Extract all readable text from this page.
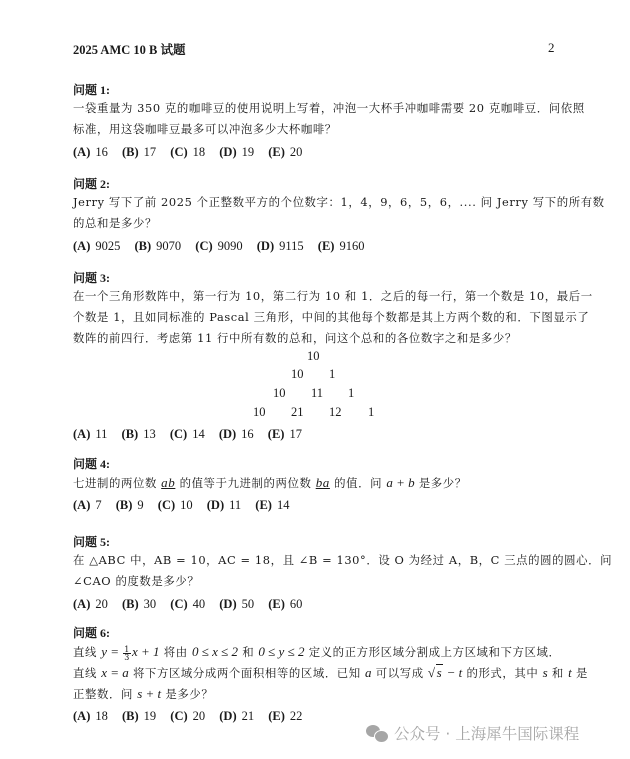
2025 AMC 10 B 试题	2
问题 1:
一袋重量为 350 克的咖啡豆的使用说明上写着，冲泡一大杯手冲咖啡需要 20 克咖啡豆．问依照
标准，用这袋咖啡豆最多可以冲泡多少大杯咖啡？
(A) 16 (B) 17 (C) 18 (D) 19 (E) 20
问题 2:
Jerry 写下了前 2025 个正整数平方的个位数字：1，4，9，6，5，6，.... 问 Jerry 写下的所有数
的总和是多少？
(A) 9025 (B) 9070 (C) 9090 (D) 9115 (E) 9160
问题 3:
在一个三角形数阵中，第一行为 10，第二行为 10 和 1．之后的每一行，第一个数是 10，最后一
个数是 1，且如同标准的 Pascal 三角形，中间的其他每个数都是其上方两个数的和．下图显示了
数阵的前四行．考虑第 11 行中所有数的总和，问这个总和的各位数字之和是多少？
10
10 1
10 11 1
10 21 12 1
(A) 11 (B) 13 (C) 14 (D) 16 (E) 17
问题 4:
七进制的两位数 ab 的值等于九进制的两位数 ba 的值．问 a + b 是多少？
(A) 7 (B) 9 (C) 10 (D) 11 (E) 14
问题 5:
在 △ABC 中，AB = 10，AC = 18，且 ∠B = 130°．设 O 为经过 A，B，C 三点的圆的圆心．问
∠CAO 的度数是多少？
(A) 20 (B) 30 (C) 40 (D) 50 (E) 60
问题 6:
直线 $y = \frac{1}{3}$ x + 1 将由 0 ≤ x ≤ 2 和 0 ≤ y ≤ 2 定义的正方形区域分割成上方区域和下方区域．
直线 x = a 将下方区域分成两个面积相等的区域．已知 a 可以写成 √s − t 的形式，其中 s 和 t 是
正整数．问 s + t 是多少？
(A) 18 (B) 19 (C) 20 (D) 21 (E) 22
公众号 · 上海犀牛国际课程
